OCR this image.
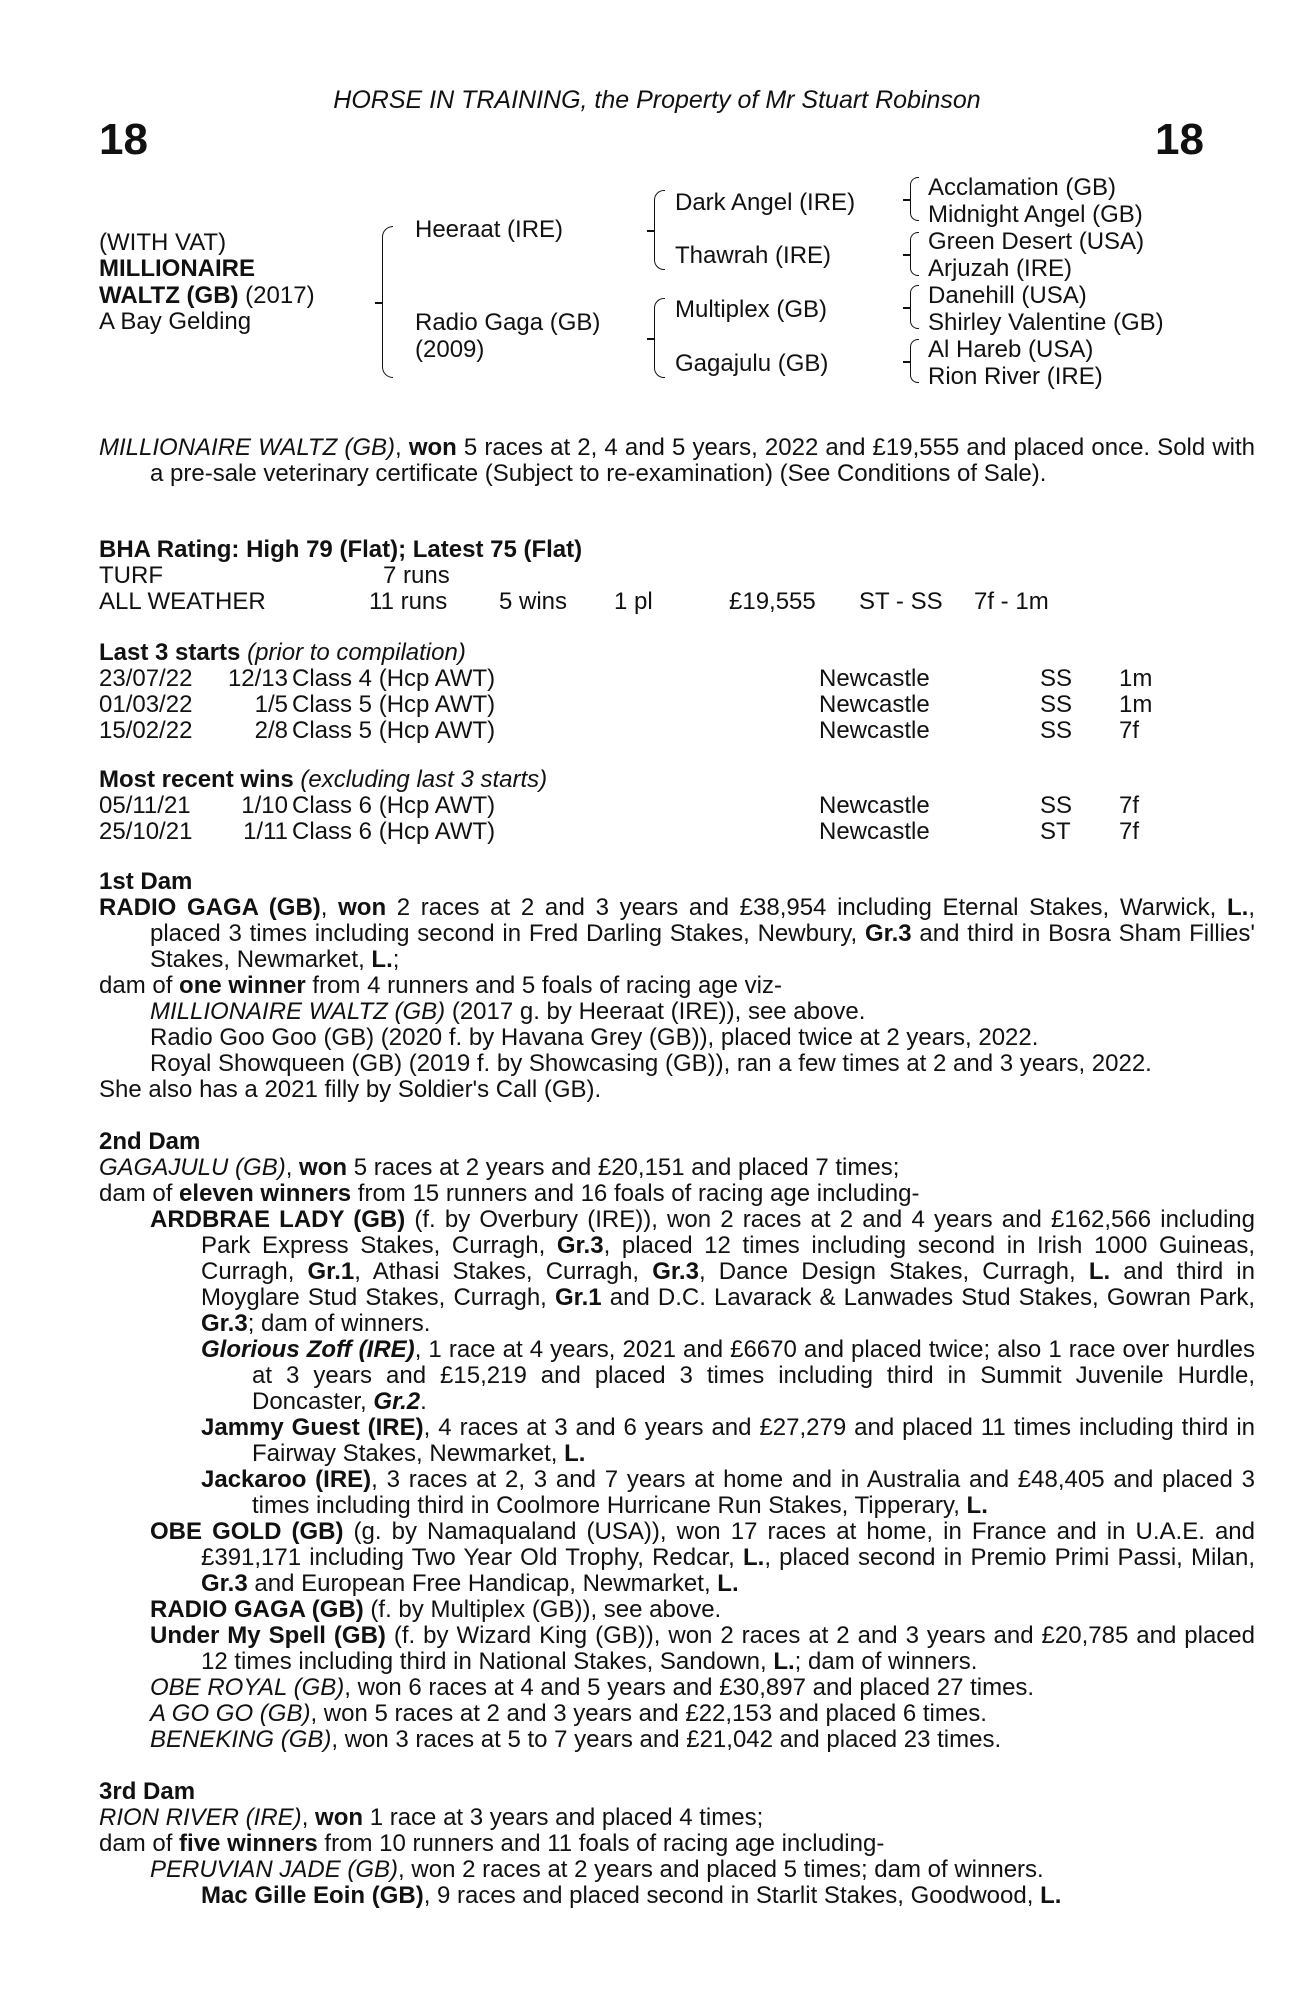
18	18
HORSE IN TRAINING, the Property of Mr Stuart Robinson
(WITH VAT)
MILLIONAIRE
WALTZ (GB) (2017)
A Bay Gelding
Heeraat (IRE)
Radio Gaga (GB)
(2009)
Dark Angel (IRE)
Thawrah (IRE)
Multiplex (GB)
Gagajulu (GB)
Acclamation (GB)
Midnight Angel (GB)
Green Desert (USA)
Arjuzah (IRE)
Danehill (USA)
Shirley Valentine (GB)
Al Hareb (USA)
Rion River (IRE)
MILLIONAIRE WALTZ (GB), won 5 races at 2, 4 and 5 years, 2022 and £19,555 and placed once. Sold with a pre-sale veterinary certificate (Subject to re-examination) (See Conditions of Sale).
BHA Rating: High 79 (Flat); Latest 75 (Flat)
TURF	7 runs
ALL WEATHER	11 runs 5 wins 1 pl	£19,555 ST - SS 7f - 1m
Last 3 starts (prior to compilation)
23/07/22	12/13 Class 4 (Hcp AWT)	Newcastle	SS 1m
01/03/22	1/5 Class 5 (Hcp AWT)	Newcastle	SS 1m
15/02/22	2/8 Class 5 (Hcp AWT)	Newcastle	SS 7f
Most recent wins (excluding last 3 starts)
05/11/21	1/10 Class 6 (Hcp AWT)	Newcastle	SS 7f
25/10/21	1/11 Class 6 (Hcp AWT)	Newcastle	ST 7f
1st Dam
RADIO GAGA (GB), won 2 races at 2 and 3 years and £38,954 including Eternal Stakes, Warwick, L., placed 3 times including second in Fred Darling Stakes, Newbury, Gr.3 and third in Bosra Sham Fillies' Stakes, Newmarket, L.;
dam of one winner from 4 runners and 5 foals of racing age viz-
MILLIONAIRE WALTZ (GB) (2017 g. by Heeraat (IRE)), see above.
Radio Goo Goo (GB) (2020 f. by Havana Grey (GB)), placed twice at 2 years, 2022.
Royal Showqueen (GB) (2019 f. by Showcasing (GB)), ran a few times at 2 and 3 years, 2022.
She also has a 2021 filly by Soldier's Call (GB).
2nd Dam
GAGAJULU (GB), won 5 races at 2 years and £20,151 and placed 7 times;
dam of eleven winners from 15 runners and 16 foals of racing age including-
ARDBRAE LADY (GB) (f. by Overbury (IRE)), won 2 races at 2 and 4 years and £162,566 including Park Express Stakes, Curragh, Gr.3, placed 12 times including second in Irish 1000 Guineas, Curragh, Gr.1, Athasi Stakes, Curragh, Gr.3, Dance Design Stakes, Curragh, L. and third in Moyglare Stud Stakes, Curragh, Gr.1 and D.C. Lavarack & Lanwades Stud Stakes, Gowran Park, Gr.3; dam of winners.
Glorious Zoff (IRE), 1 race at 4 years, 2021 and £6670 and placed twice; also 1 race over hurdles at 3 years and £15,219 and placed 3 times including third in Summit Juvenile Hurdle, Doncaster, Gr.2.
Jammy Guest (IRE), 4 races at 3 and 6 years and £27,279 and placed 11 times including third in Fairway Stakes, Newmarket, L.
Jackaroo (IRE), 3 races at 2, 3 and 7 years at home and in Australia and £48,405 and placed 3 times including third in Coolmore Hurricane Run Stakes, Tipperary, L.
OBE GOLD (GB) (g. by Namaqualand (USA)), won 17 races at home, in France and in U.A.E. and £391,171 including Two Year Old Trophy, Redcar, L., placed second in Premio Primi Passi, Milan, Gr.3 and European Free Handicap, Newmarket, L.
RADIO GAGA (GB) (f. by Multiplex (GB)), see above.
Under My Spell (GB) (f. by Wizard King (GB)), won 2 races at 2 and 3 years and £20,785 and placed 12 times including third in National Stakes, Sandown, L.; dam of winners.
OBE ROYAL (GB), won 6 races at 4 and 5 years and £30,897 and placed 27 times.
A GO GO (GB), won 5 races at 2 and 3 years and £22,153 and placed 6 times.
BENEKING (GB), won 3 races at 5 to 7 years and £21,042 and placed 23 times.
3rd Dam
RION RIVER (IRE), won 1 race at 3 years and placed 4 times;
dam of five winners from 10 runners and 11 foals of racing age including-
PERUVIAN JADE (GB), won 2 races at 2 years and placed 5 times; dam of winners.
Mac Gille Eoin (GB), 9 races and placed second in Starlit Stakes, Goodwood, L.
